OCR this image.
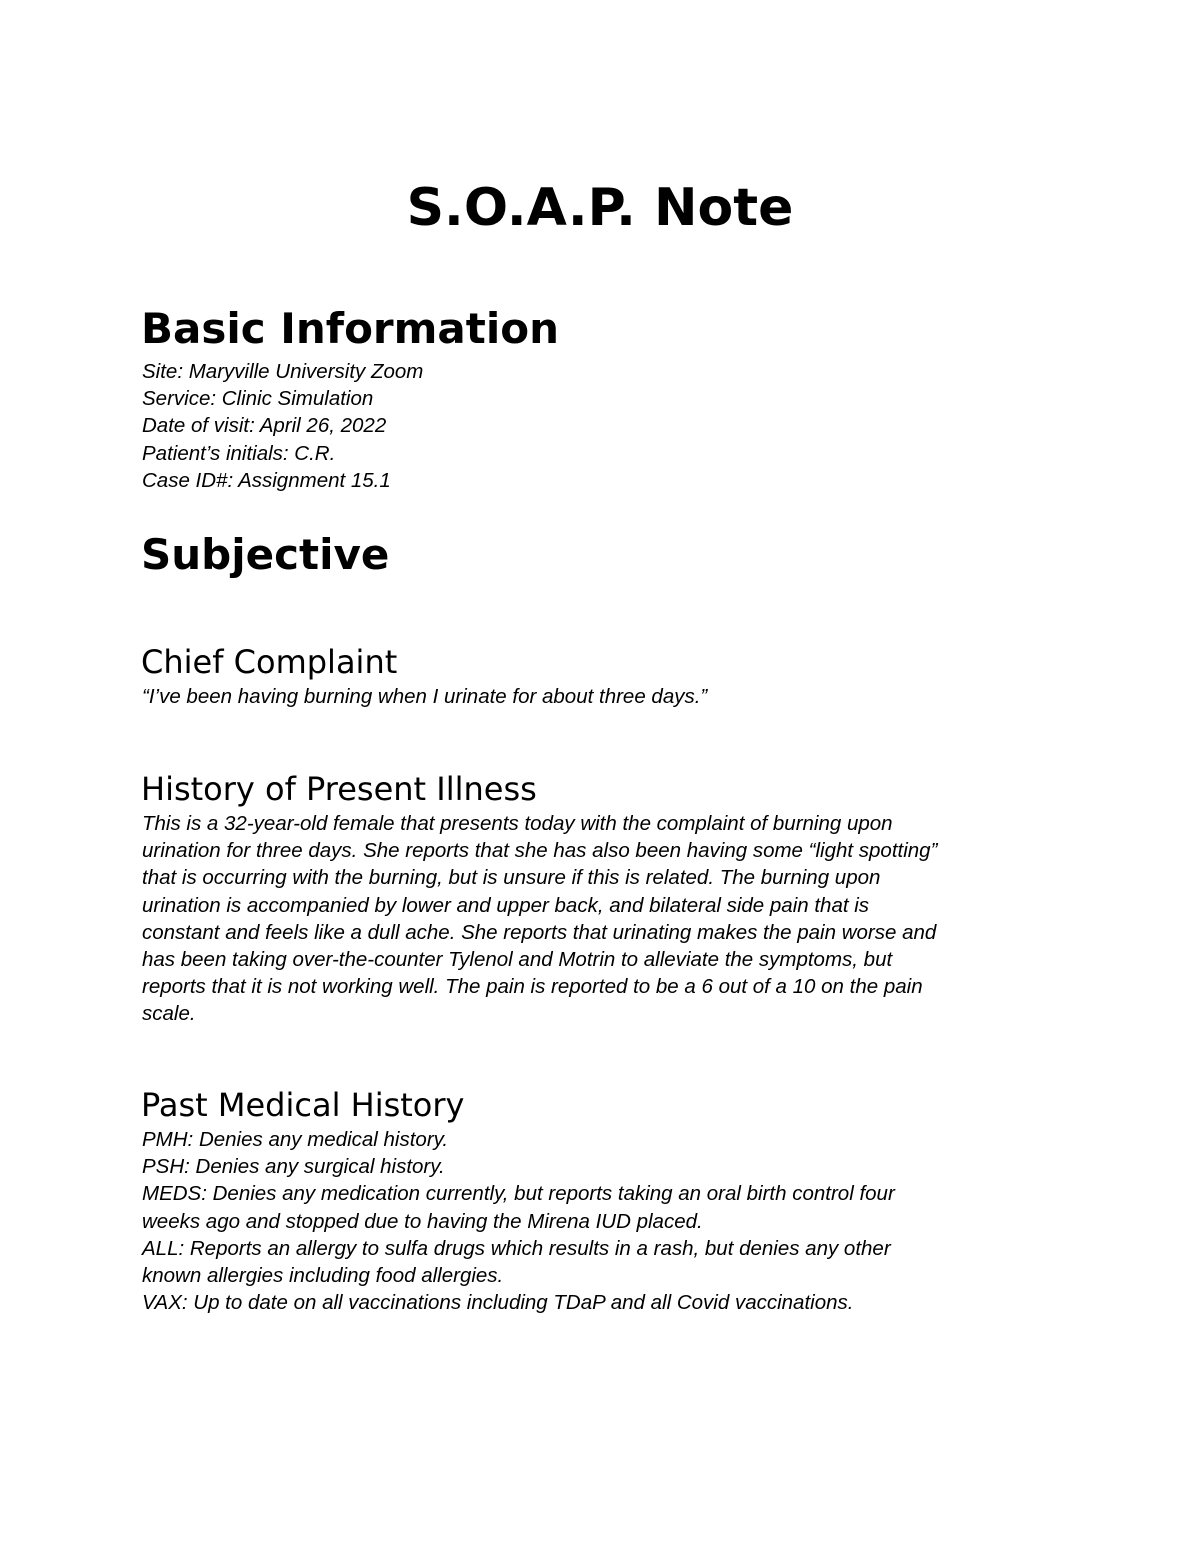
S.O.A.P. Note
Basic Information
Site: Maryville University Zoom
Service: Clinic Simulation
Date of visit: April 26, 2022
Patient’s initials: C.R.
Case ID#: Assignment 15.1
Subjective
Chief Complaint
“I’ve been having burning when I urinate for about three days.”
History of Present Illness
This is a 32-year-old female that presents today with the complaint of burning upon
urination for three days. She reports that she has also been having some “light spotting”
that is occurring with the burning, but is unsure if this is related. The burning upon
urination is accompanied by lower and upper back, and bilateral side pain that is
constant and feels like a dull ache. She reports that urinating makes the pain worse and
has been taking over-the-counter Tylenol and Motrin to alleviate the symptoms, but
reports that it is not working well. The pain is reported to be a 6 out of a 10 on the pain
scale.
Past Medical History
PMH: Denies any medical history.
PSH: Denies any surgical history.
MEDS: Denies any medication currently, but reports taking an oral birth control four
weeks ago and stopped due to having the Mirena IUD placed.
ALL: Reports an allergy to sulfa drugs which results in a rash, but denies any other
known allergies including food allergies.
VAX: Up to date on all vaccinations including TDaP and all Covid vaccinations.
